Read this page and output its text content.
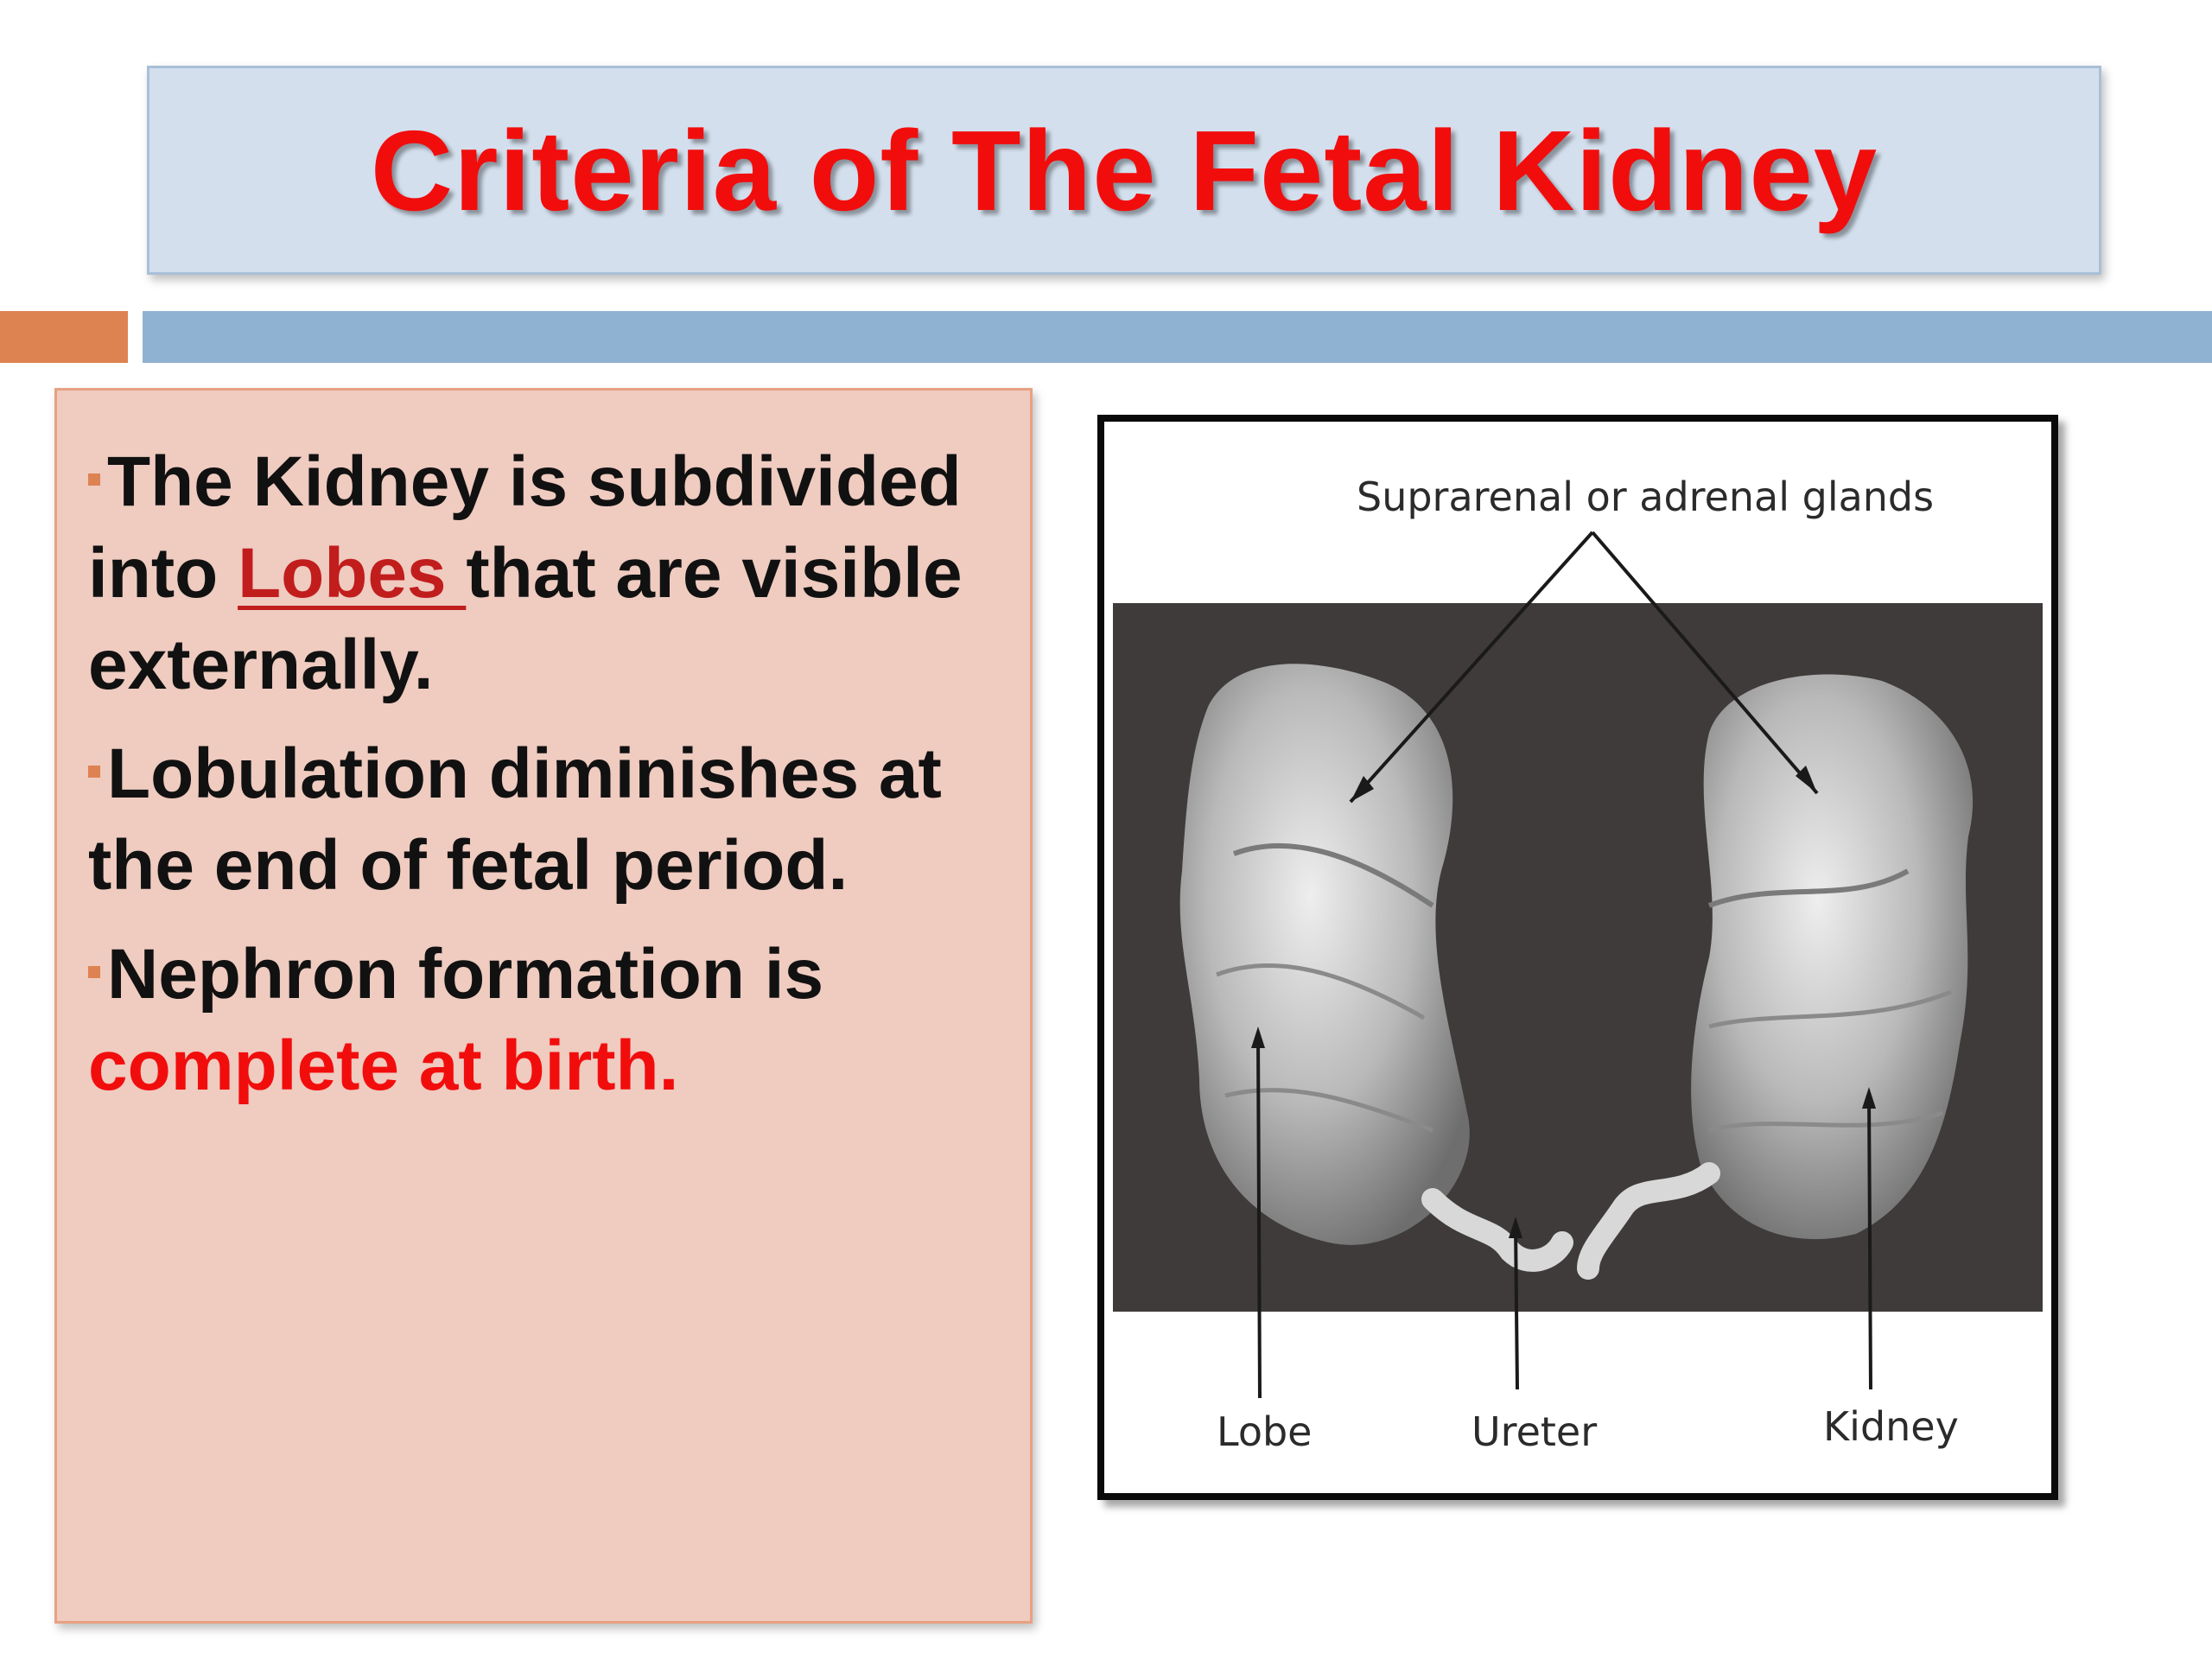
Criteria of The Fetal Kidney
The Kidney is subdivided into Lobes that are visible externally.
Lobulation diminishes at the end of fetal period.
Nephron formation is complete at birth.
Suprarenal or adrenal glands
Lobe	Ureter	Kidney
